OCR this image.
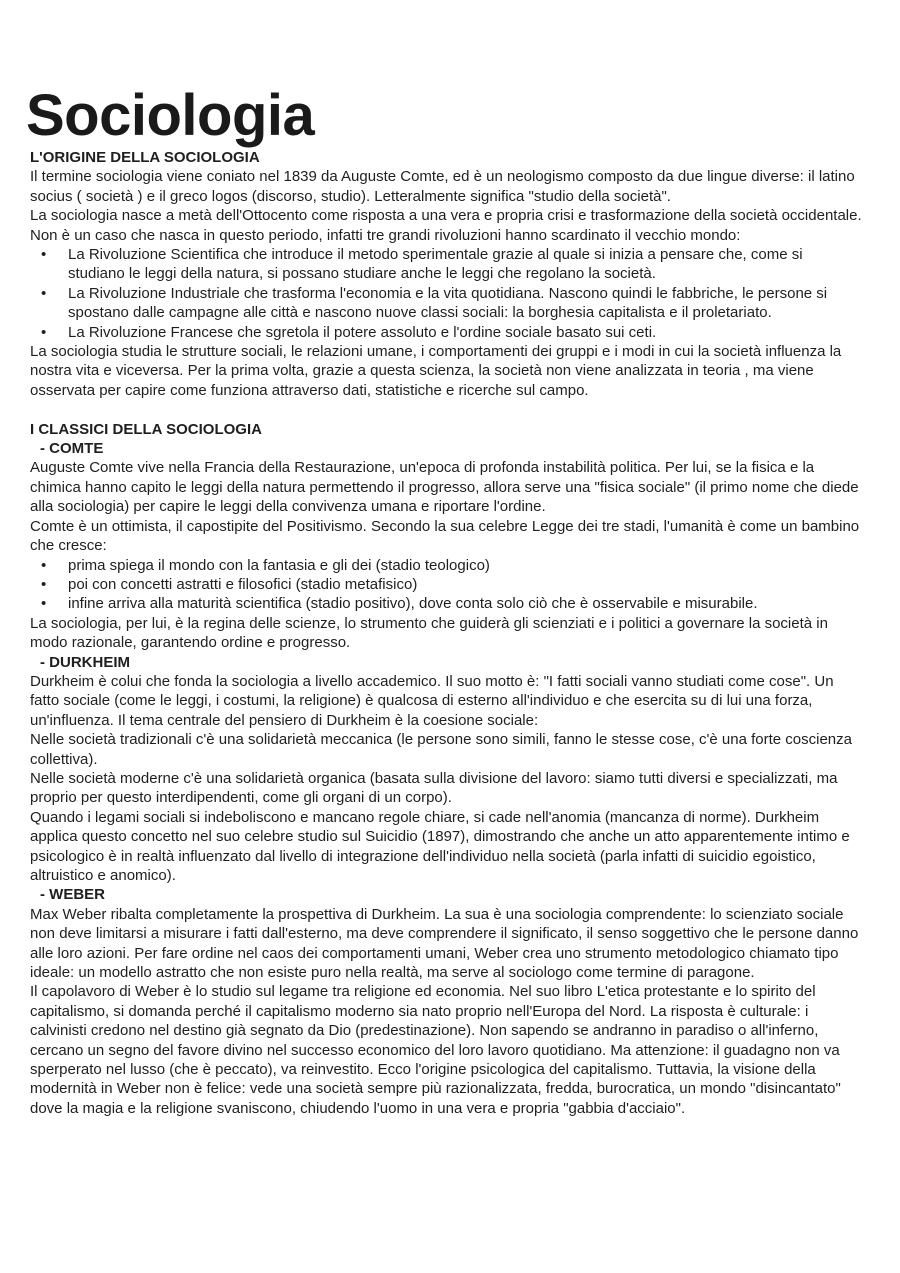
Sociologia

L'ORIGINE DELLA SOCIOLOGIA

Il termine sociologia viene coniato nel 1839 da Auguste Comte, ed è un neologismo composto da due lingue diverse: il latino socius ( società ) e il greco logos (discorso, studio). Letteralmente significa "studio della società".

La sociologia nasce a metà dell'Ottocento come risposta a una vera e propria crisi e trasformazione della società occidentale. Non è un caso che nasca in questo periodo, infatti tre grandi rivoluzioni hanno scardinato il vecchio mondo:

• La Rivoluzione Scientifica che introduce il metodo sperimentale grazie al quale si inizia a pensare che, come si studiano le leggi della natura, si possano studiare anche le leggi che regolano la società.
• La Rivoluzione Industriale che trasforma l'economia e la vita quotidiana. Nascono quindi le fabbriche, le persone si spostano dalle campagne alle città e nascono nuove classi sociali: la borghesia capitalista e il proletariato.
• La Rivoluzione Francese che sgretola il potere assoluto e l'ordine sociale basato sui ceti.

La sociologia studia le strutture sociali, le relazioni umane, i comportamenti dei gruppi e i modi in cui la società influenza la nostra vita e viceversa. Per la prima volta, grazie a questa scienza, la società non viene analizzata in teoria , ma viene osservata per capire come funziona attraverso dati, statistiche e ricerche sul campo.

I CLASSICI DELLA SOCIOLOGIA

- COMTE

Auguste Comte vive nella Francia della Restaurazione, un'epoca di profonda instabilità politica. Per lui, se la fisica e la chimica hanno capito le leggi della natura permettendo il progresso, allora serve una "fisica sociale" (il primo nome che diede alla sociologia) per capire le leggi della convivenza umana e riportare l'ordine.

Comte è un ottimista, il capostipite del Positivismo. Secondo la sua celebre Legge dei tre stadi, l'umanità è come un bambino che cresce:

• prima spiega il mondo con la fantasia e gli dei (stadio teologico)
• poi con concetti astratti e filosofici (stadio metafisico)
• infine arriva alla maturità scientifica (stadio positivo), dove conta solo ciò che è osservabile e misurabile.

La sociologia, per lui, è la regina delle scienze, lo strumento che guiderà gli scienziati e i politici a governare la società in modo razionale, garantendo ordine e progresso.

- DURKHEIM

Durkheim è colui che fonda la sociologia a livello accademico. Il suo motto è: "I fatti sociali vanno studiati come cose". Un fatto sociale (come le leggi, i costumi, la religione) è qualcosa di esterno all'individuo e che esercita su di lui una forza, un'influenza. Il tema centrale del pensiero di Durkheim è la coesione sociale:

Nelle società tradizionali c'è una solidarietà meccanica (le persone sono simili, fanno le stesse cose, c'è una forte coscienza collettiva).

Nelle società moderne c'è una solidarietà organica (basata sulla divisione del lavoro: siamo tutti diversi e specializzati, ma proprio per questo interdipendenti, come gli organi di un corpo).

Quando i legami sociali si indeboliscono e mancano regole chiare, si cade nell'anomia (mancanza di norme). Durkheim applica questo concetto nel suo celebre studio sul Suicidio (1897), dimostrando che anche un atto apparentemente intimo e psicologico è in realtà influenzato dal livello di integrazione dell'individuo nella società (parla infatti di suicidio egoistico, altruistico e anomico).

- WEBER

Max Weber ribalta completamente la prospettiva di Durkheim. La sua è una sociologia comprendente: lo scienziato sociale non deve limitarsi a misurare i fatti dall'esterno, ma deve comprendere il significato, il senso soggettivo che le persone danno alle loro azioni. Per fare ordine nel caos dei comportamenti umani, Weber crea uno strumento metodologico chiamato tipo ideale: un modello astratto che non esiste puro nella realtà, ma serve al sociologo come termine di paragone.

Il capolavoro di Weber è lo studio sul legame tra religione ed economia. Nel suo libro L'etica protestante e lo spirito del capitalismo, si domanda perché il capitalismo moderno sia nato proprio nell'Europa del Nord. La risposta è culturale: i calvinisti credono nel destino già segnato da Dio (predestinazione). Non sapendo se andranno in paradiso o all'inferno, cercano un segno del favore divino nel successo economico del loro lavoro quotidiano. Ma attenzione: il guadagno non va sperperato nel lusso (che è peccato), va reinvestito. Ecco l'origine psicologica del capitalismo. Tuttavia, la visione della modernità in Weber non è felice: vede una società sempre più razionalizzata, fredda, burocratica, un mondo "disincantato" dove la magia e la religione svaniscono, chiudendo l'uomo in una vera e propria "gabbia d'acciaio".
